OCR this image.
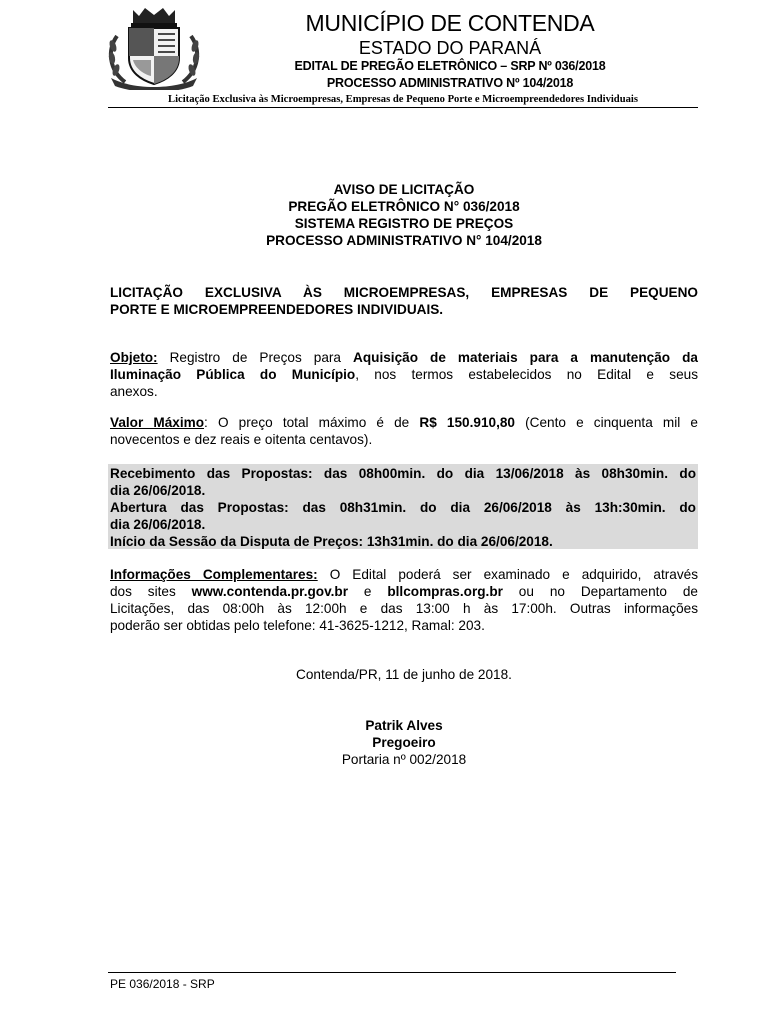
MUNICÍPIO DE CONTENDA
ESTADO DO PARANÁ
EDITAL DE PREGÃO ELETRÔNICO – SRP Nº 036/2018
PROCESSO ADMINISTRATIVO Nº 104/2018
Licitação Exclusiva às Microempresas, Empresas de Pequeno Porte e Microempreendedores Individuais
AVISO DE LICITAÇÃO
PREGÃO ELETRÔNICO N° 036/2018
SISTEMA REGISTRO DE PREÇOS
PROCESSO ADMINISTRATIVO N° 104/2018
LICITAÇÃO EXCLUSIVA ÀS MICROEMPRESAS, EMPRESAS DE PEQUENO
PORTE E MICROEMPREENDEDORES INDIVIDUAIS.
Objeto: Registro de Preços para Aquisição de materiais para a manutenção da
Iluminação Pública do Município, nos termos estabelecidos no Edital e seus
anexos.
Valor Máximo: O preço total máximo é de R$ 150.910,80 (Cento e cinquenta mil e
novecentos e dez reais e oitenta centavos).
Recebimento das Propostas: das 08h00min. do dia 13/06/2018 às 08h30min. do
dia 26/06/2018.
Abertura das Propostas: das 08h31min. do dia 26/06/2018 às 13h:30min. do
dia 26/06/2018.
Início da Sessão da Disputa de Preços: 13h31min. do dia 26/06/2018.
Informações Complementares: O Edital poderá ser examinado e adquirido, através
dos sites www.contenda.pr.gov.br e bllcompras.org.br ou no Departamento de
Licitações, das 08:00h às 12:00h e das 13:00 h às 17:00h. Outras informações
poderão ser obtidas pelo telefone: 41-3625-1212, Ramal: 203.
Contenda/PR, 11 de junho de 2018.
Patrik Alves
Pregoeiro
Portaria nº 002/2018
PE 036/2018 - SRP
